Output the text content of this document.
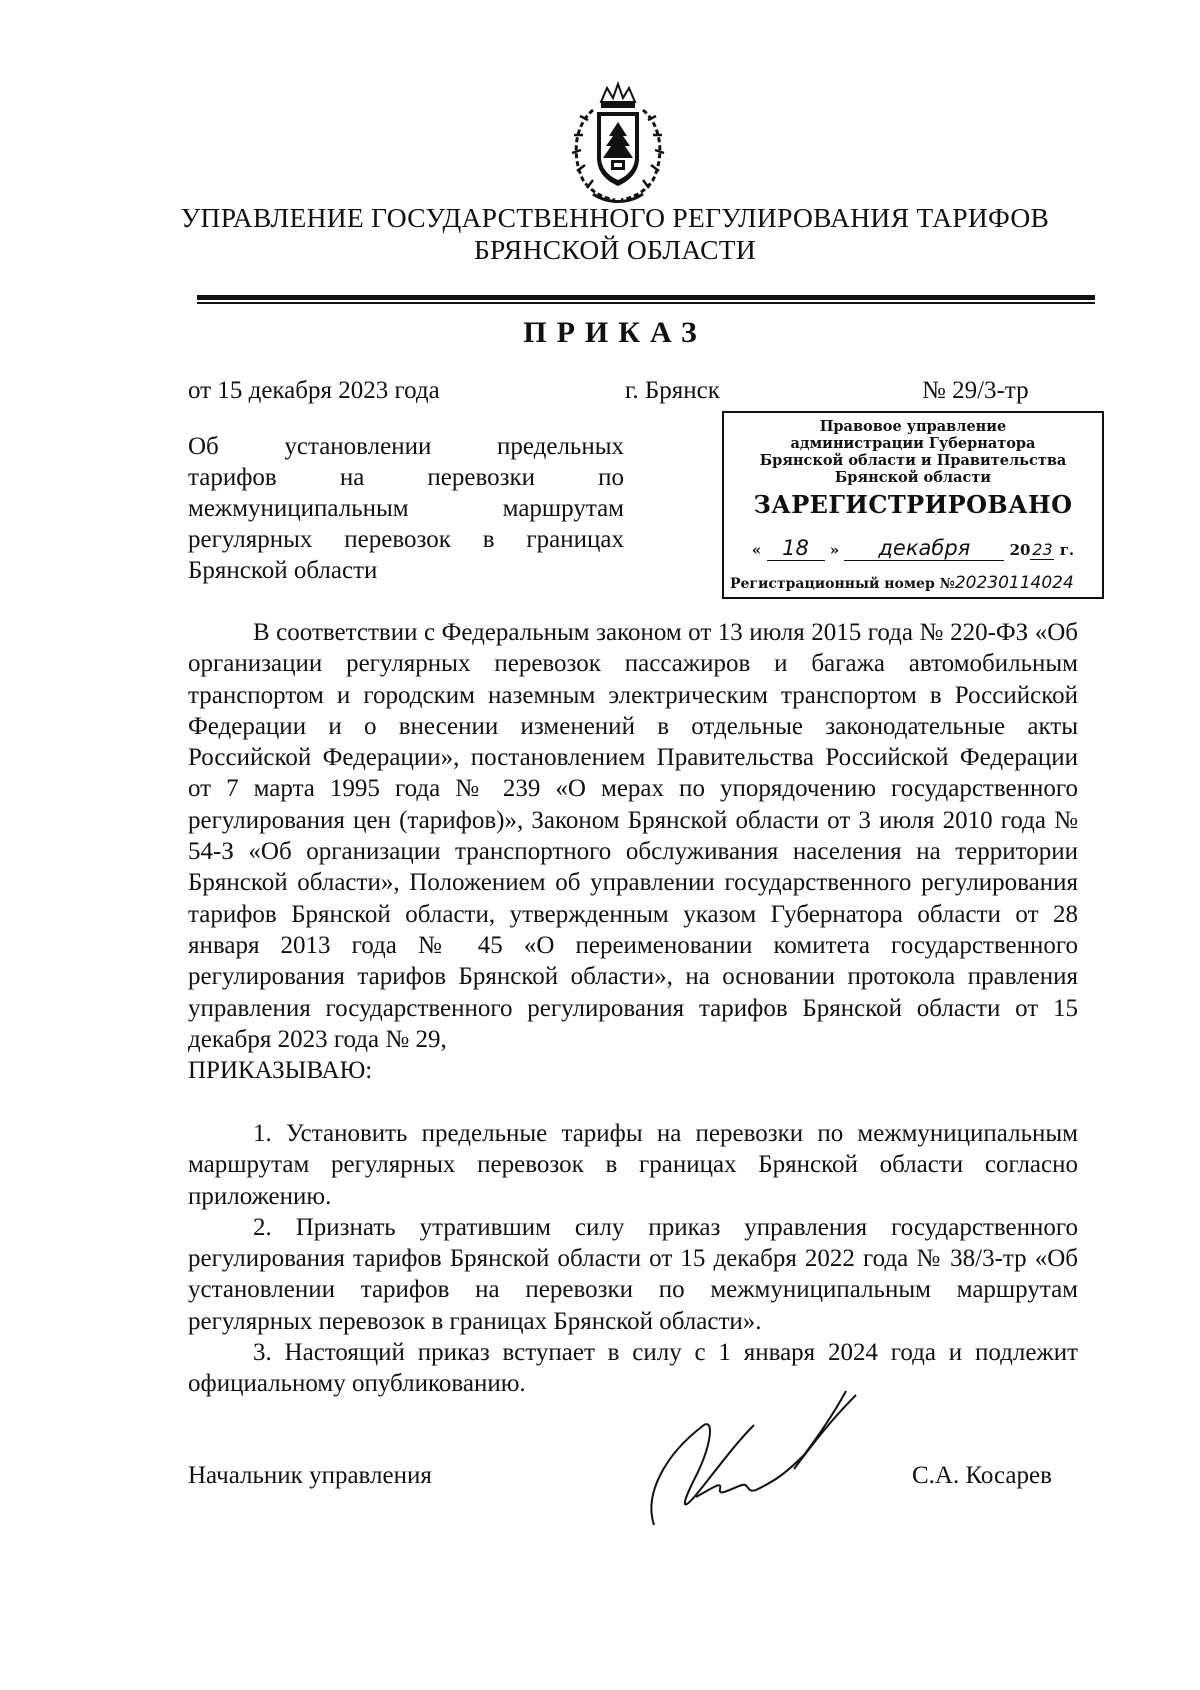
УПРАВЛЕНИЕ ГОСУДАРСТВЕННОГО РЕГУЛИРОВАНИЯ ТАРИФОВ
БРЯНСКОЙ ОБЛАСТИ
ПРИКАЗ
от 15 декабря 2023 года	г. Брянск	№ 29/3-тр
Об установлении предельных
тарифов на перевозки по
межмуниципальным маршрутам
регулярных перевозок в границах
Брянской области
Правовое управление
администрации Губернатора
Брянской области и Правительства
Брянской области
ЗАРЕГИСТРИРОВАНО
« 18 » декабря	20 23 г.
Регистрационный номер №20230114024

В соответствии с Федеральным законом от 13 июля 2015 года № 220-ФЗ «Об организации регулярных перевозок пассажиров и багажа автомобильным транспортом и городским наземным электрическим транспортом в Российской Федерации и о внесении изменений в отдельные законодательные акты Российской Федерации», постановлением Правительства Российской Федерации от 7 марта 1995 года № 239 «О мерах по упорядочению государственного регулирования цен (тарифов)», Законом Брянской области от 3 июля 2010 года № 54-З «Об организации транспортного обслуживания населения на территории Брянской области», Положением об управлении государственного регулирования тарифов Брянской области, утвержденным указом Губернатора области от 28 января 2013 года № 45 «О переименовании комитета государственного регулирования тарифов Брянской области», на основании протокола правления управления государственного регулирования тарифов Брянской области от 15 декабря 2023 года № 29,

ПРИКАЗЫВАЮ:

1. Установить предельные тарифы на перевозки по межмуниципальным маршрутам регулярных перевозок в границах Брянской области согласно приложению.

2. Признать утратившим силу приказ управления государственного регулирования тарифов Брянской области от 15 декабря 2022 года № 38/3-тр «Об установлении тарифов на перевозки по межмуниципальным маршрутам регулярных перевозок в границах Брянской области».

3. Настоящий приказ вступает в силу с 1 января 2024 года и подлежит официальному опубликованию.

Начальник управления	С.А. Косарев
